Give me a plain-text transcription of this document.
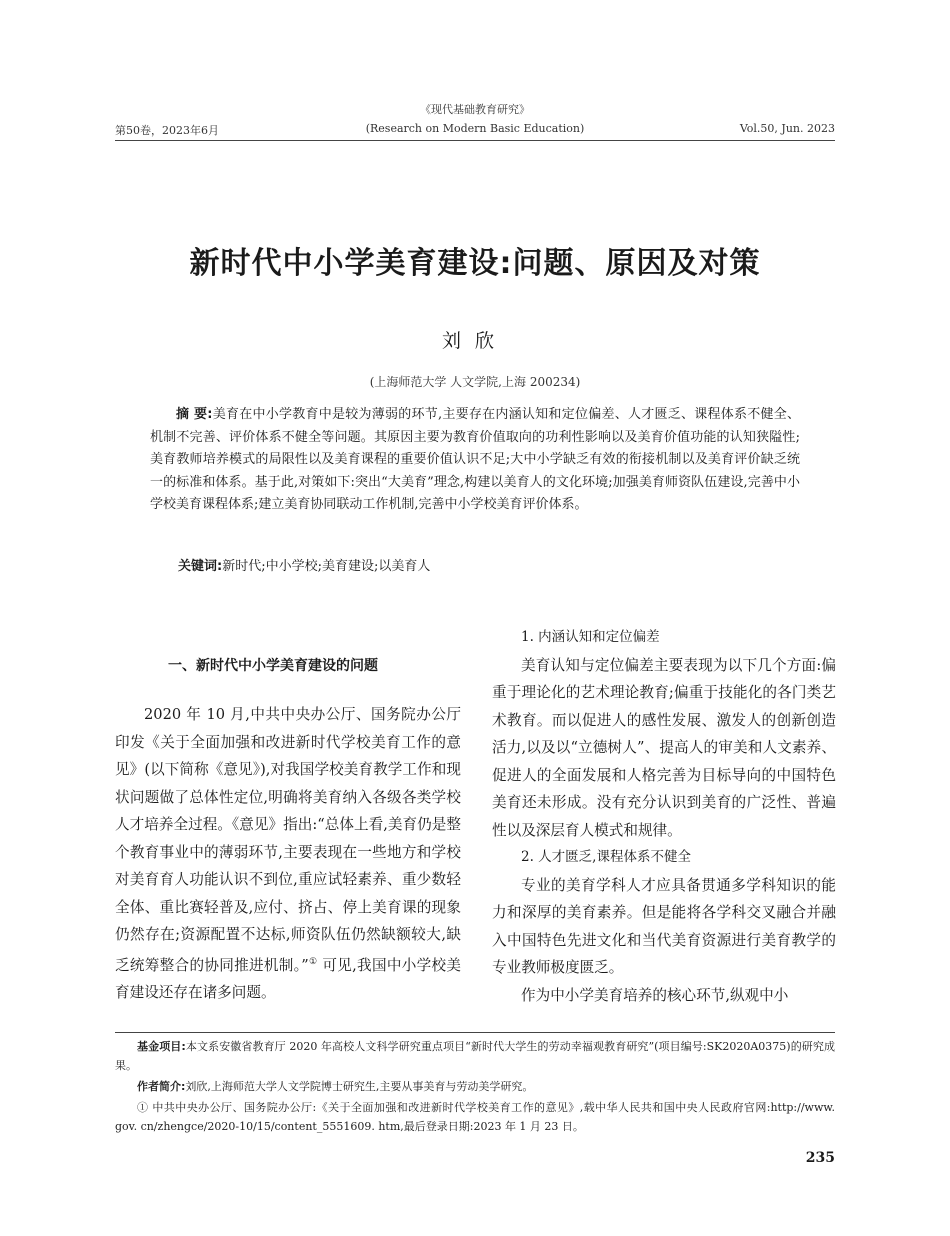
《现代基础教育研究》
第50卷，2023年6月	(Research on Modern Basic Education)	Vol.50, Jun. 2023
新时代中小学美育建设:问题、原因及对策
刘欣
(上海师范大学 人文学院,上海 200234)
摘 要:美育在中小学教育中是较为薄弱的环节,主要存在内涵认知和定位偏差、人才匮乏、课程体系不健全、机制不完善、评价体系不健全等问题。其原因主要为教育价值取向的功利性影响以及美育价值功能的认知狭隘性;美育教师培养模式的局限性以及美育课程的重要价值认识不足;大中小学缺乏有效的衔接机制以及美育评价缺乏统一的标准和体系。基于此,对策如下:突出“大美育”理念,构建以美育人的文化环境;加强美育师资队伍建设,完善中小学校美育课程体系;建立美育协同联动工作机制,完善中小学校美育评价体系。
关键词:新时代;中小学校;美育建设;以美育人
一、新时代中小学美育建设的问题

2020 年 10 月,中共中央办公厅、国务院办公厅印发《关于全面加强和改进新时代学校美育工作的意见》(以下简称《意见》),对我国学校美育教学工作和现状问题做了总体性定位,明确将美育纳入各级各类学校人才培养全过程。《意见》指出:“总体上看,美育仍是整个教育事业中的薄弱环节,主要表现在一些地方和学校对美育育人功能认识不到位,重应试轻素养、重少数轻全体、重比赛轻普及,应付、挤占、停上美育课的现象仍然存在;资源配置不达标,师资队伍仍然缺额较大,缺乏统筹整合的协同推进机制。”① 可见,我国中小学校美育建设还存在诸多问题。

1. 内涵认知和定位偏差

美育认知与定位偏差主要表现为以下几个方面:偏重于理论化的艺术理论教育;偏重于技能化的各门类艺术教育。而以促进人的感性发展、激发人的创新创造活力,以及以“立德树人”、提高人的审美和人文素养、促进人的全面发展和人格完善为目标导向的中国特色美育还未形成。没有充分认识到美育的广泛性、普遍性以及深层育人模式和规律。

2. 人才匮乏,课程体系不健全

专业的美育学科人才应具备贯通多学科知识的能力和深厚的美育素养。但是能将各学科交叉融合并融入中国特色先进文化和当代美育资源进行美育教学的专业教师极度匮乏。

作为中小学美育培养的核心环节,纵观中小

基金项目:本文系安徽省教育厅 2020 年高校人文科学研究重点项目“新时代大学生的劳动幸福观教育研究”(项目编号:SK2020A0375)的研究成果。

作者简介:刘欣,上海师范大学人文学院博士研究生,主要从事美育与劳动美学研究。

① 中共中央办公厅、国务院办公厅:《关于全面加强和改进新时代学校美育工作的意见》,载中华人民共和国中央人民政府官网:http://www. gov. cn/zhengce/2020-10/15/content_5551609. htm,最后登录日期:2023 年 1 月 23 日。

235
